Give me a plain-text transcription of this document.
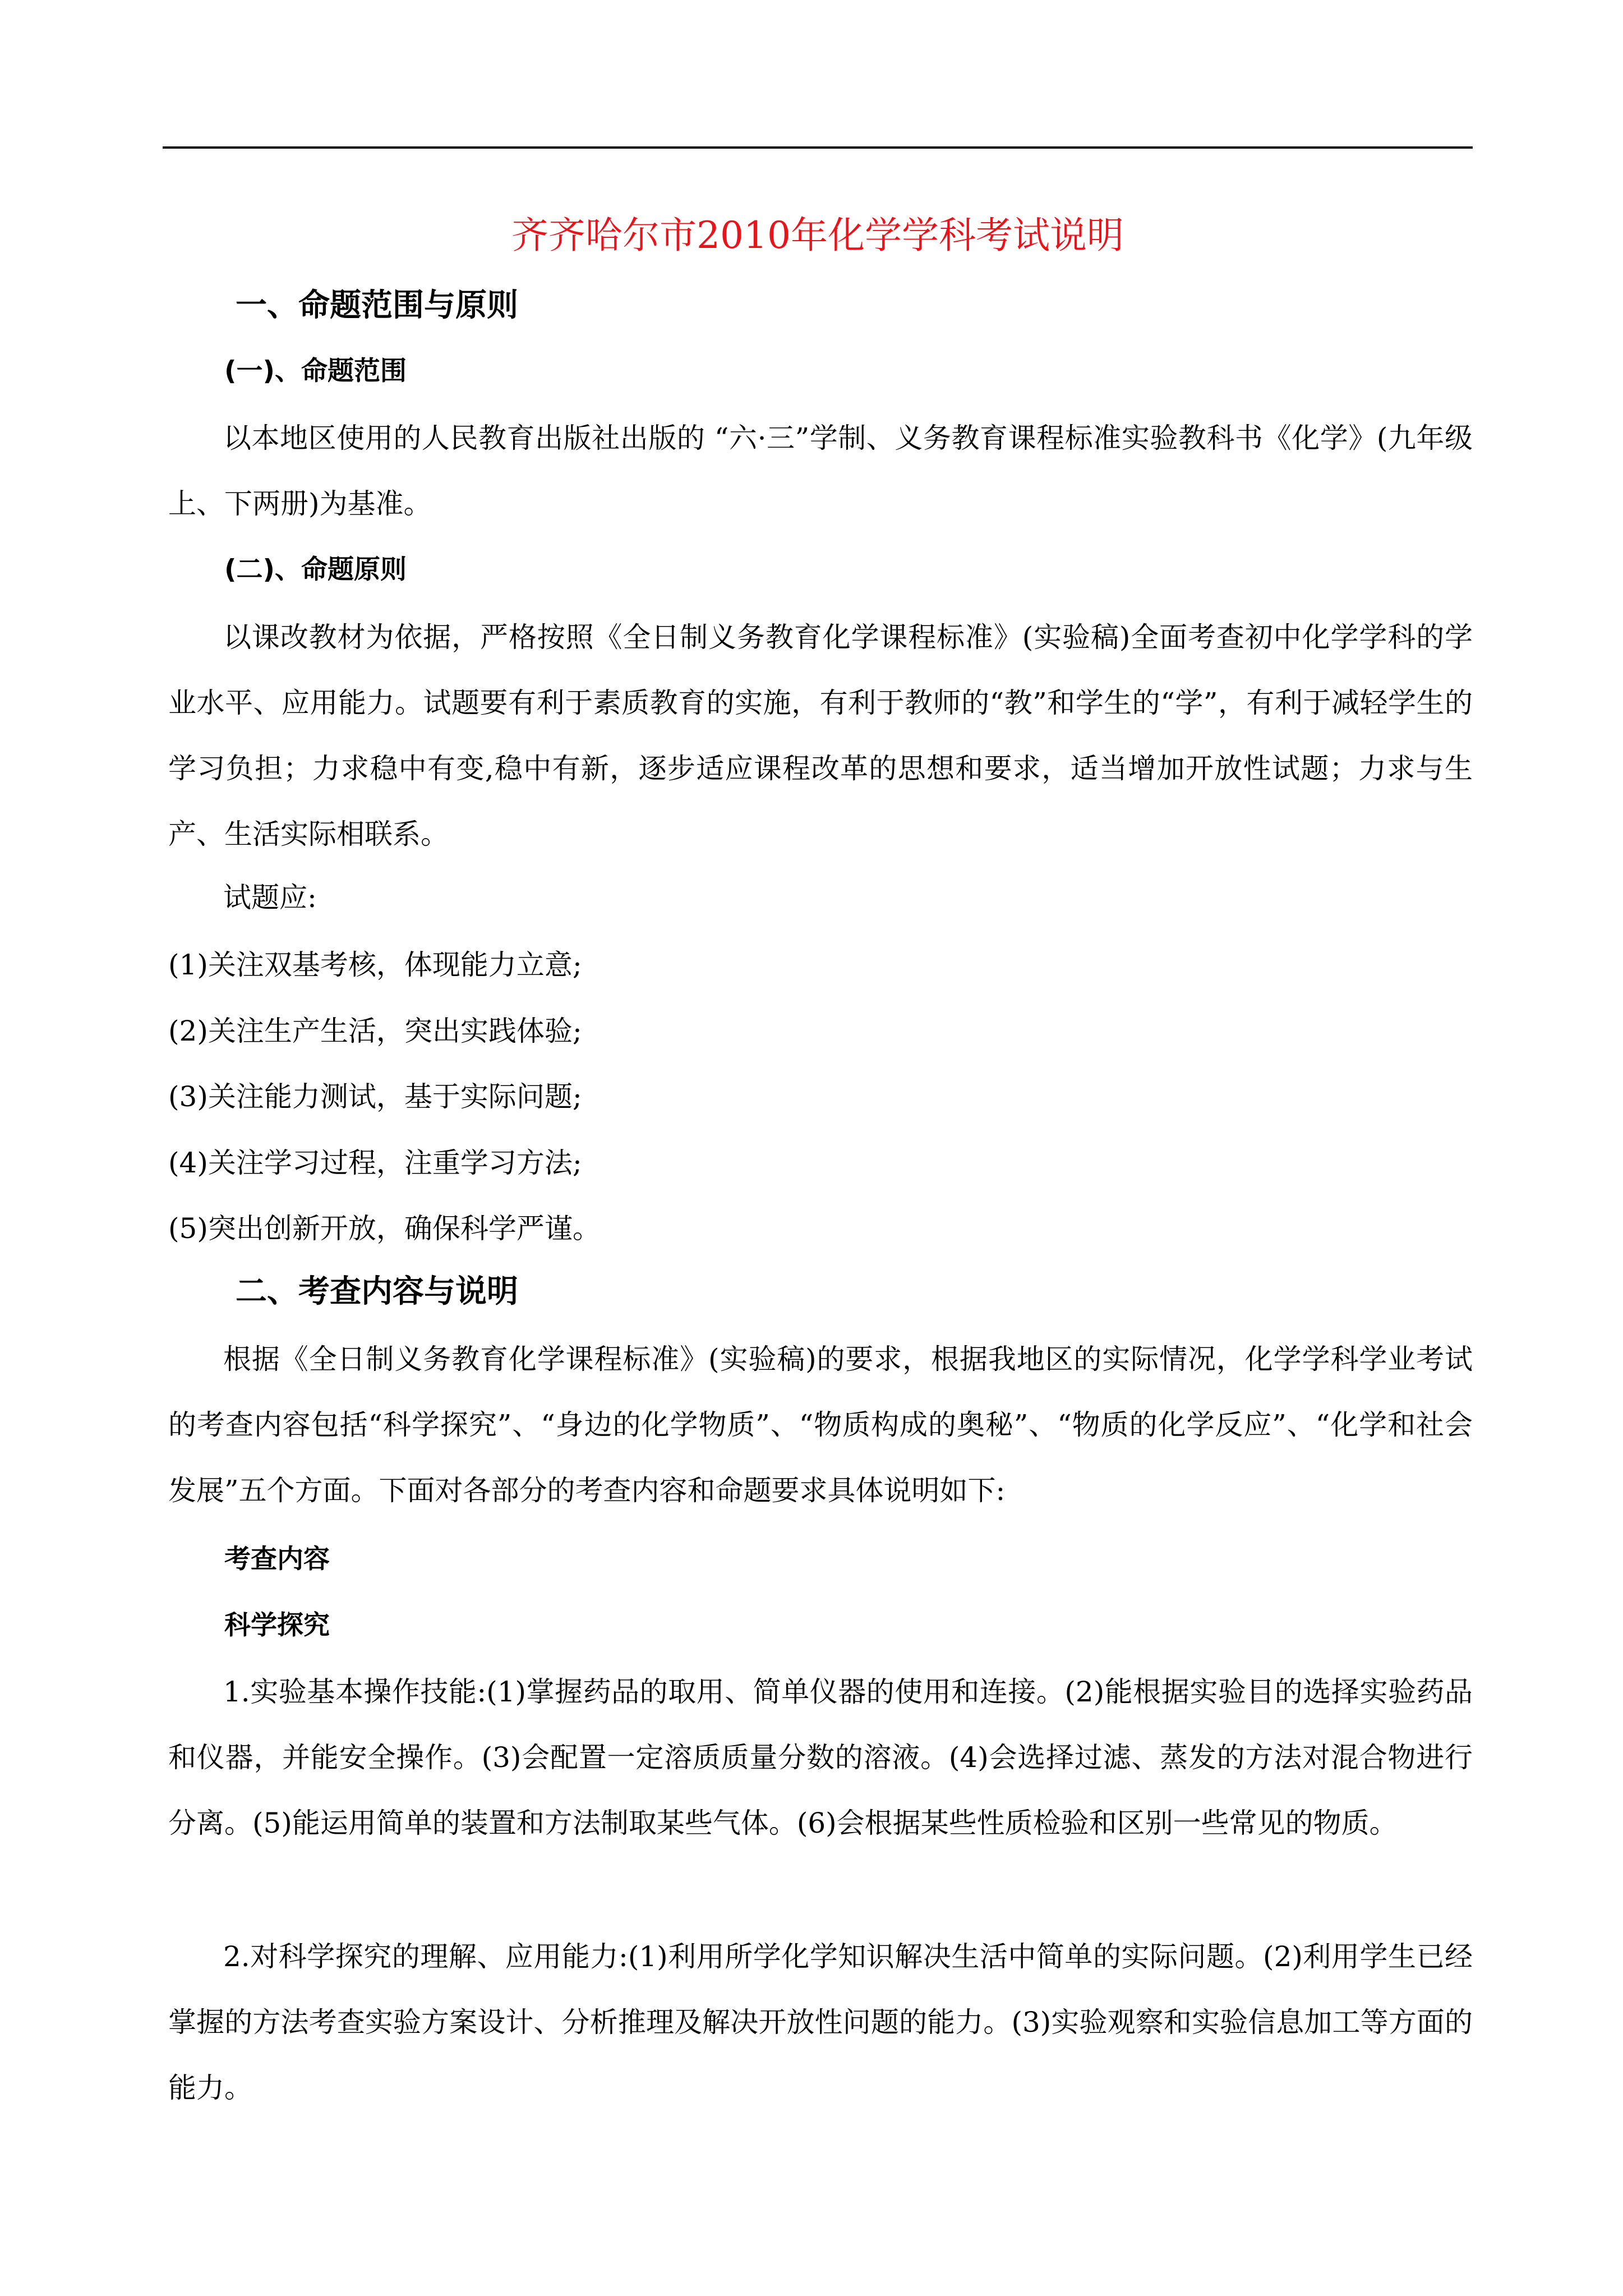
齐齐哈尔市2010年化学学科考试说明
一、命题范围与原则
(一)、命题范围

以本地区使用的人民教育出版社出版的 “六·三”学制、义务教育课程标准实验教科书《化学》(九年级上、下两册)为基准。

(二)、命题原则

以课改教材为依据，严格按照《全日制义务教育化学课程标准》(实验稿)全面考查初中化学学科的学业水平、应用能力。试题要有利于素质教育的实施，有利于教师的“教”和学生的“学”，有利于减轻学生的学习负担；力求稳中有变,稳中有新，逐步适应课程改革的思想和要求，适当增加开放性试题；力求与生产、生活实际相联系。

试题应:

(1)关注双基考核，体现能力立意;

(2)关注生产生活，突出实践体验;

(3)关注能力测试，基于实际问题;

(4)关注学习过程，注重学习方法;

(5)突出创新开放，确保科学严谨。

二、考查内容与说明

根据《全日制义务教育化学课程标准》(实验稿)的要求，根据我地区的实际情况，化学学科学业考试的考查内容包括“科学探究”、“身边的化学物质”、“物质构成的奥秘”、“物质的化学反应”、“化学和社会发展”五个方面。下面对各部分的考查内容和命题要求具体说明如下:

考查内容
科学探究

1.实验基本操作技能:(1)掌握药品的取用、简单仪器的使用和连接。(2)能根据实验目的选择实验药品和仪器，并能安全操作。(3)会配置一定溶质质量分数的溶液。(4)会选择过滤、蒸发的方法对混合物进行分离。(5)能运用简单的装置和方法制取某些气体。(6)会根据某些性质检验和区别一些常见的物质。

2.对科学探究的理解、应用能力:(1)利用所学化学知识解决生活中简单的实际问题。(2)利用学生已经掌握的方法考查实验方案设计、分析推理及解决开放性问题的能力。(3)实验观察和实验信息加工等方面的能力。
